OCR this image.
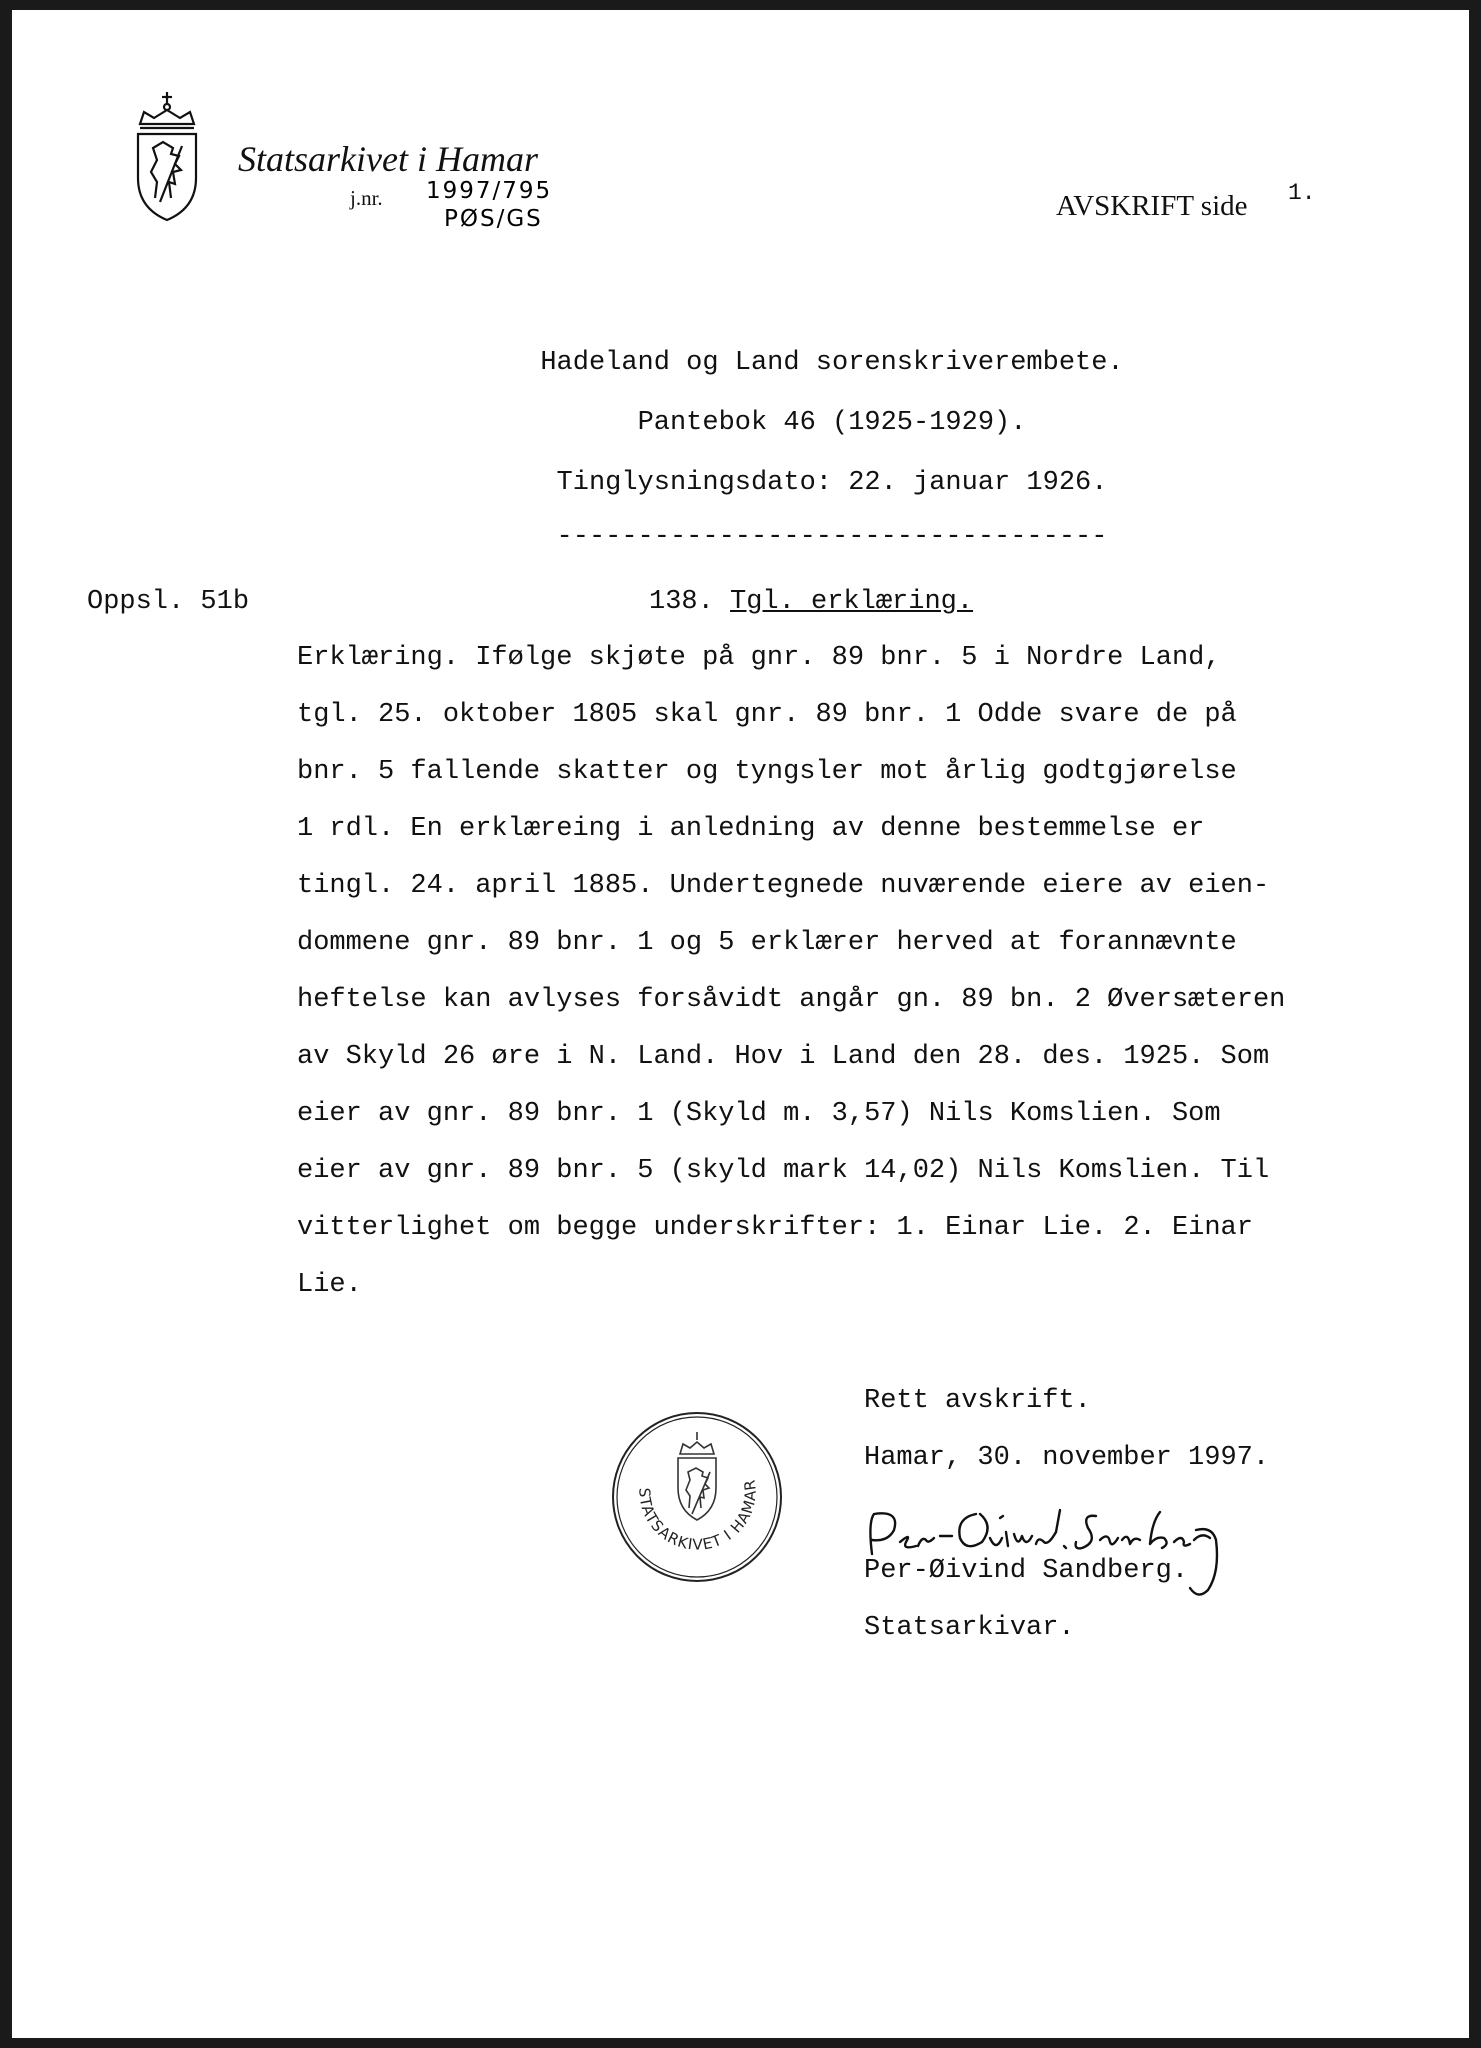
Statsarkivet i Hamar
j.nr. 1997/795
PØS/GS	AVSKRIFT side 1.
Hadeland og Land sorenskriverembete.
Pantebok 46 (1925-1929).
Tinglysningsdato: 22. januar 1926.
----------------------------------
Oppsl. 51b	138. Tgl. erklæring.
Erklæring. Ifølge skjøte på gnr. 89 bnr. 5 i Nordre Land,
tgl. 25. oktober 1805 skal gnr. 89 bnr. 1 Odde svare de på
bnr. 5 fallende skatter og tyngsler mot årlig godtgjørelse
1 rdl. En erklæreing i anledning av denne bestemmelse er
tingl. 24. april 1885. Undertegnede nuværende eiere av eien-
dommene gnr. 89 bnr. 1 og 5 erklærer herved at forannævnte
heftelse kan avlyses forsåvidt angår gn. 89 bn. 2 Øversæteren
av Skyld 26 øre i N. Land. Hov i Land den 28. des. 1925. Som
eier av gnr. 89 bnr. 1 (Skyld m. 3,57) Nils Komslien. Som
eier av gnr. 89 bnr. 5 (skyld mark 14,02) Nils Komslien. Til
vitterlighet om begge underskrifter: 1. Einar Lie. 2. Einar
Lie.
Rett avskrift.
Hamar, 30. november 1997.
Per-Øivind Sandberg.
Statsarkivar.
STATSARKIVET I HAMAR
